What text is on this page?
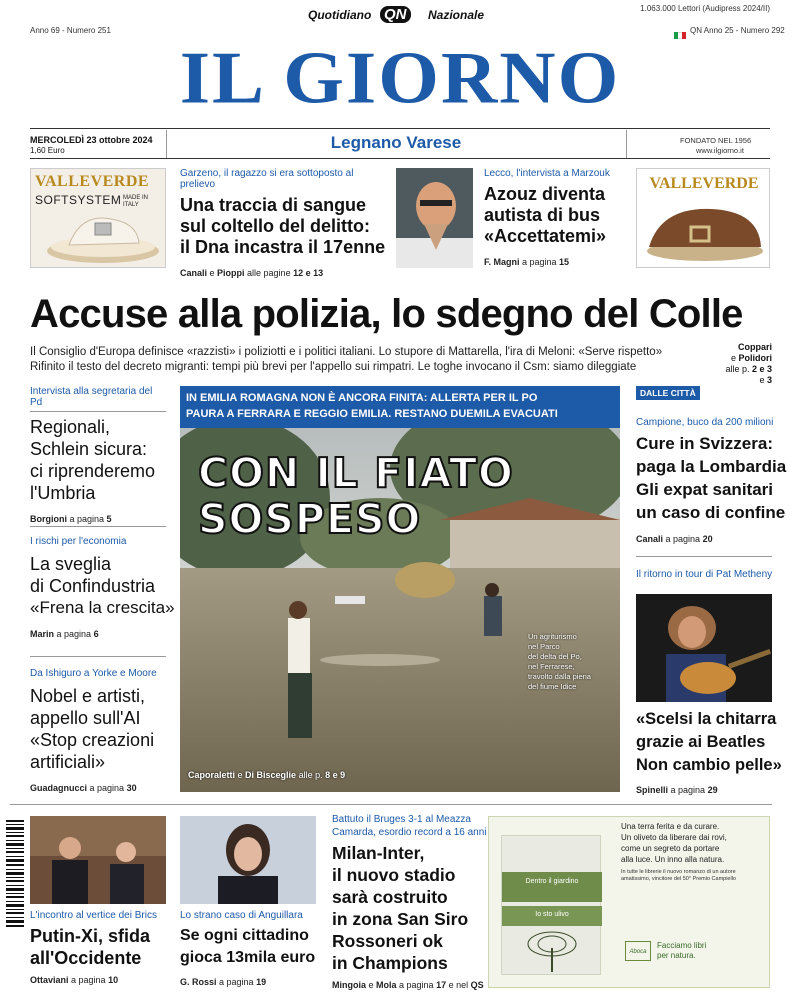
Quotidiano QN	Nazionale	1.063.000 Lettori (Audipress 2024/II)
Anno 69 - Numero 251	QN Anno 25 - Numero 292
IL GIORNO
MERCOLEDÌ 23 ottobre 2024
1,60 Euro	Legnano Varese	FONDATO NEL 1956
www.ilgiorno.it
VALLEVERDE
SOFTSYSTEM MADE IN ITALY
Garzeno, il ragazzo si era sottoposto al prelievo
Una traccia di sangue
sul coltello del delitto:
il Dna incastra il 17enne
Canali e Pioppi alle pagine 12 e 13
Lecco, l'intervista a Marzouk
Azouz diventa
autista di bus
«Accettatemi»
F. Magni a pagina 15
VALLEVERDE
Accuse alla polizia, lo sdegno del Colle
Il Consiglio d'Europa definisce «razzisti» i poliziotti e i politici italiani. Lo stupore di Mattarella, l'ira di Meloni: «Serve rispetto»
Rifinito il testo del decreto migranti: tempi più brevi per l'appello sui rimpatri. Le toghe invocano il Csm: siamo dileggiate
Coppari
e Polidori
alle p. 2 e 3 e 3
Intervista alla segretaria del Pd
Regionali,
Schlein sicura:
ci riprenderemo
l'Umbria
Borgioni a pagina 5
I rischi per l'economia
La sveglia
di Confindustria
«Frena la crescita»
Marin a pagina 6
Da Ishiguro a Yorke e Moore
Nobel e artisti,
appello sull'AI
«Stop creazioni
artificiali»
Guadagnucci a pagina 30
IN EMILIA ROMAGNA NON È ANCORA FINITA: ALLERTA PER IL PO
PAURA A FERRARA E REGGIO EMILIA. RESTANO DUEMILA EVACUATI
CON IL FIATO
SOSPESO
Un agriturismo
nel Parco
del delta del Po,
nel Ferrarese,
travolto dalla piena
del fiume Idice
Caporaletti e Di Bisceglie alle p. 8 e 9
DALLE CITTÀ
Campione, buco da 200 milioni
Cure in Svizzera:
paga la Lombardia
Gli expat sanitari
un caso di confine
Canali a pagina 20
Il ritorno in tour di Pat Metheny
«Scelsi la chitarra
grazie ai Beatles
Non cambio pelle»
Spinelli a pagina 29
L'incontro al vertice dei Brics
Putin-Xi, sfida
all'Occidente
Ottaviani a pagina 10
Lo strano caso di Anguillara
Se ogni cittadino
gioca 13mila euro
G. Rossi a pagina 19
Battuto il Bruges 3-1 al Meazza
Camarda, esordio record a 16 anni
Milan-Inter,
il nuovo stadio
sarà costruito
in zona San Siro
Rossoneri ok
in Champions
Mingoia e Mola a pagina 17 e nel QS
Dentro il giardino
Io sto ulivo
Una terra ferita e da curare.
Un oliveto da liberare dai rovi,
come un segreto da portare
alla luce. Un inno alla natura.
In tutte le librerie il nuovo romanzo di un autore
amatissimo, vincitore del 50° Premio Campiello
Aboca
Facciamo libri
per natura.
